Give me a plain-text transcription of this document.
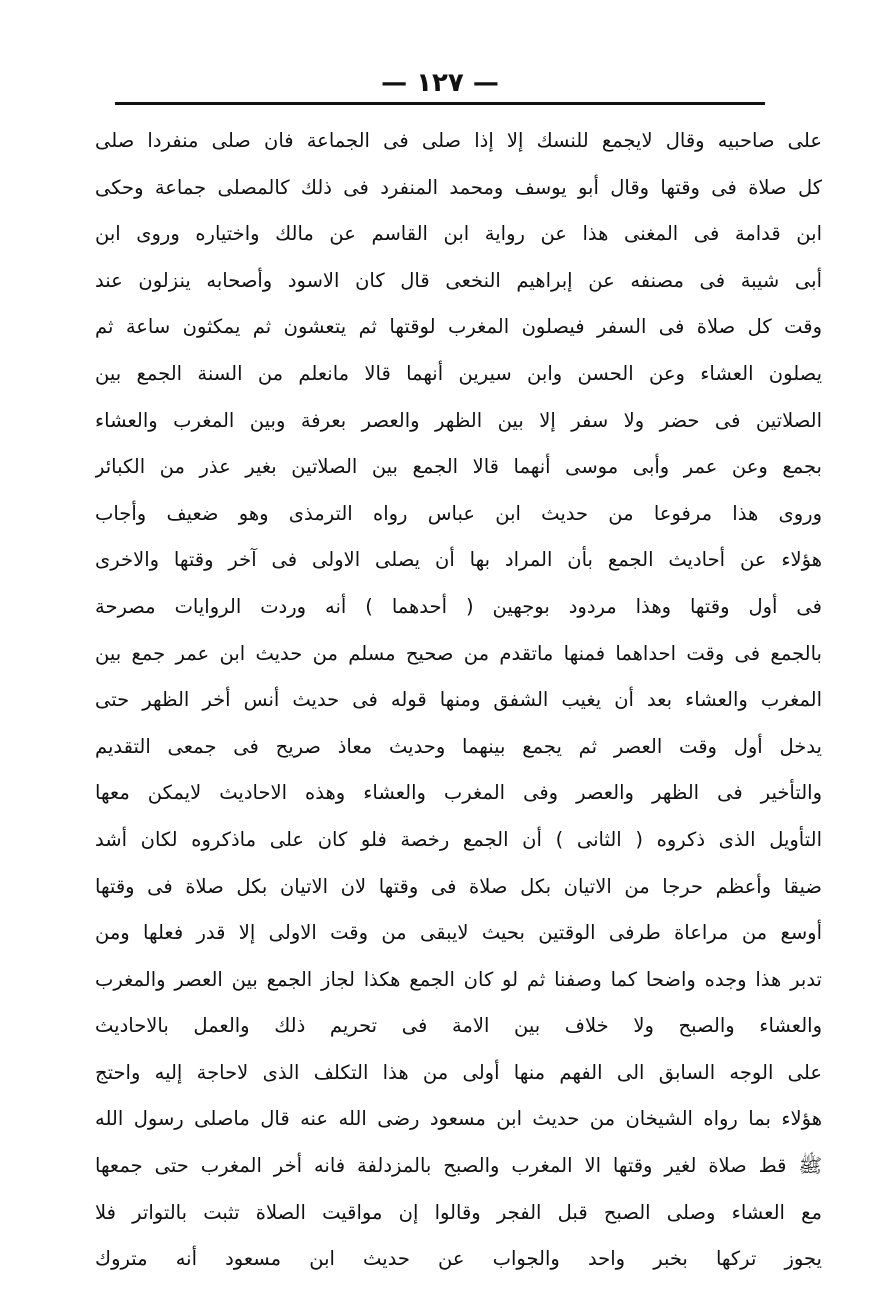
— ١٢٧ —
على صاحبيه وقال لايجمع للنسك إلا إذا صلى فى الجماعة فان صلى منفردا صلى
كل صلاة فى وقتها وقال أبو يوسف ومحمد المنفرد فى ذلك كالمصلى جماعة وحكى
ابن قدامة فى المغنى هذا عن رواية ابن القاسم عن مالك واختياره وروى ابن
أبى شيبة فى مصنفه عن إبراهيم النخعى قال كان الاسود وأصحابه ينزلون عند
وقت كل صلاة فى السفر فيصلون المغرب لوقتها ثم يتعشون ثم يمكثون ساعة ثم
يصلون العشاء وعن الحسن وابن سيرين أنهما قالا مانعلم من السنة الجمع بين
الصلاتين فى حضر ولا سفر إلا بين الظهر والعصر بعرفة وبين المغرب والعشاء
بجمع وعن عمر وأبى موسى أنهما قالا الجمع بين الصلاتين بغير عذر من الكبائر
وروى هذا مرفوعا من حديث ابن عباس رواه الترمذى وهو ضعيف وأجاب
هؤلاء عن أحاديث الجمع بأن المراد بها أن يصلى الاولى فى آخر وقتها والاخرى
فى أول وقتها وهذا مردود بوجهين ( أحدهما ) أنه وردت الروايات مصرحة
بالجمع فى وقت احداهما فمنها ماتقدم من صحيح مسلم من حديث ابن عمر جمع بين
المغرب والعشاء بعد أن يغيب الشفق ومنها قوله فى حديث أنس أخر الظهر حتى
يدخل أول وقت العصر ثم يجمع بينهما وحديث معاذ صريح فى جمعى التقديم
والتأخير فى الظهر والعصر وفى المغرب والعشاء وهذه الاحاديث لايمكن معها
التأويل الذى ذكروه ( الثانى ) أن الجمع رخصة فلو كان على ماذكروه لكان أشد
ضيقا وأعظم حرجا من الاتيان بكل صلاة فى وقتها لان الاتيان بكل صلاة فى وقتها
أوسع من مراعاة طرفى الوقتين بحيث لايبقى من وقت الاولى إلا قدر فعلها ومن
تدبر هذا وجده واضحا كما وصفنا ثم لو كان الجمع هكذا لجاز الجمع بين العصر والمغرب
والعشاء والصبح ولا خلاف بين الامة فى تحريم ذلك والعمل بالاحاديث
على الوجه السابق الى الفهم منها أولى من هذا التكلف الذى لاحاجة إليه واحتج
هؤلاء بما رواه الشيخان من حديث ابن مسعود رضى الله عنه قال ماصلى رسول الله
ﷺ قط صلاة لغير وقتها الا المغرب والصبح بالمزدلفة فانه أخر المغرب حتى جمعها
مع العشاء وصلى الصبح قبل الفجر وقالوا إن مواقيت الصلاة تثبت بالتواتر فلا
يجوز تركها بخبر واحد والجواب عن حديث ابن مسعود أنه متروك
